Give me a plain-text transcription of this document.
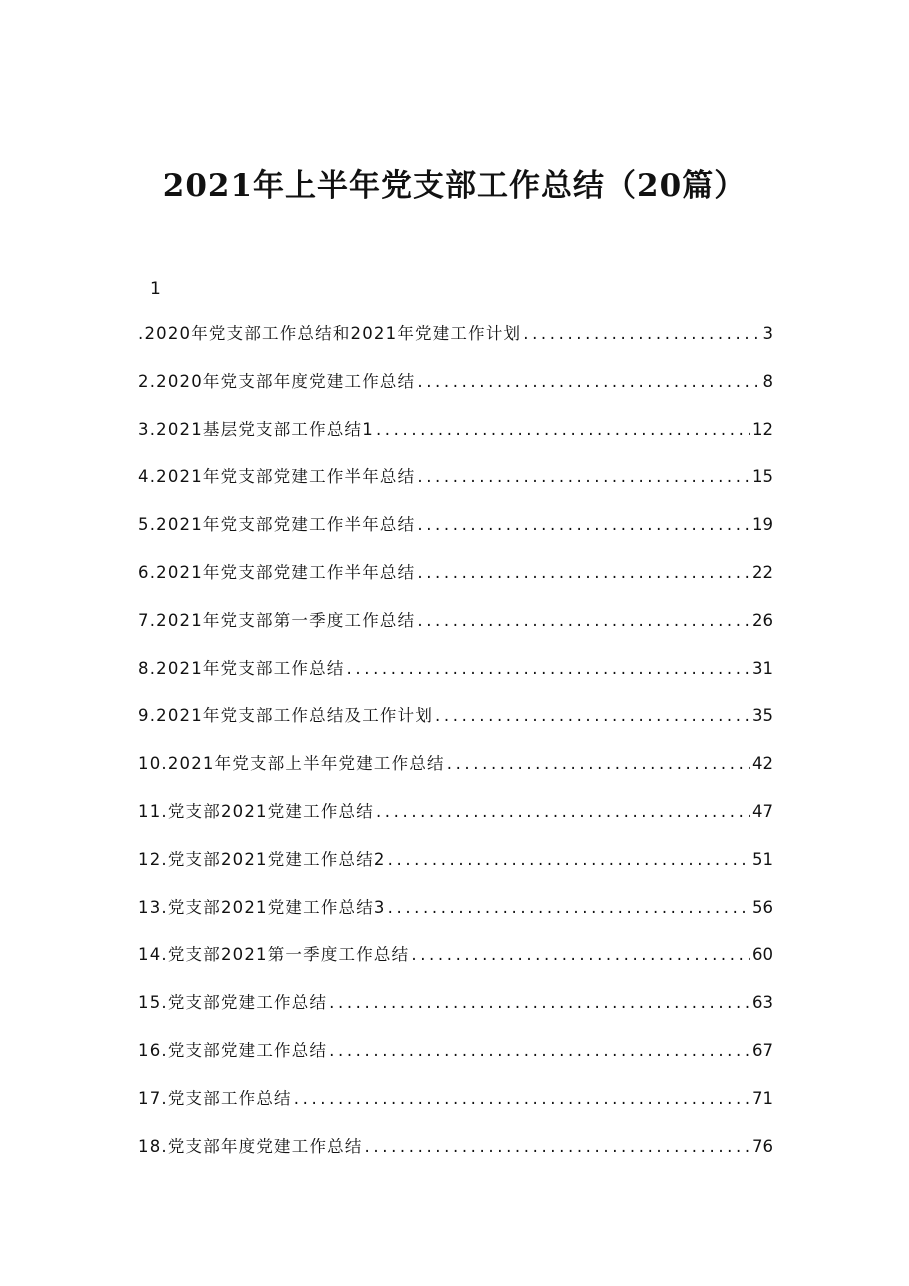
2021年上半年党支部工作总结（20篇）
1
.2020年党支部工作总结和2021年党建工作计划 .....	3
2.2020年党支部年度党建工作总结 .....	8
3.2021基层党支部工作总结1 .....	12
4.2021年党支部党建工作半年总结 .....	15
5.2021年党支部党建工作半年总结 .....	19
6.2021年党支部党建工作半年总结 .....	22
7.2021年党支部第一季度工作总结 .....	26
8.2021年党支部工作总结 .....	31
9.2021年党支部工作总结及工作计划 .....	35
10.2021年党支部上半年党建工作总结 .....	42
11.党支部2021党建工作总结 .....	47
12.党支部2021党建工作总结2 .....	51
13.党支部2021党建工作总结3 .....	56
14.党支部2021第一季度工作总结 .....	60
15.党支部党建工作总结 .....	63
16.党支部党建工作总结 .....	67
17.党支部工作总结 .....	71
18.党支部年度党建工作总结 .....	76
